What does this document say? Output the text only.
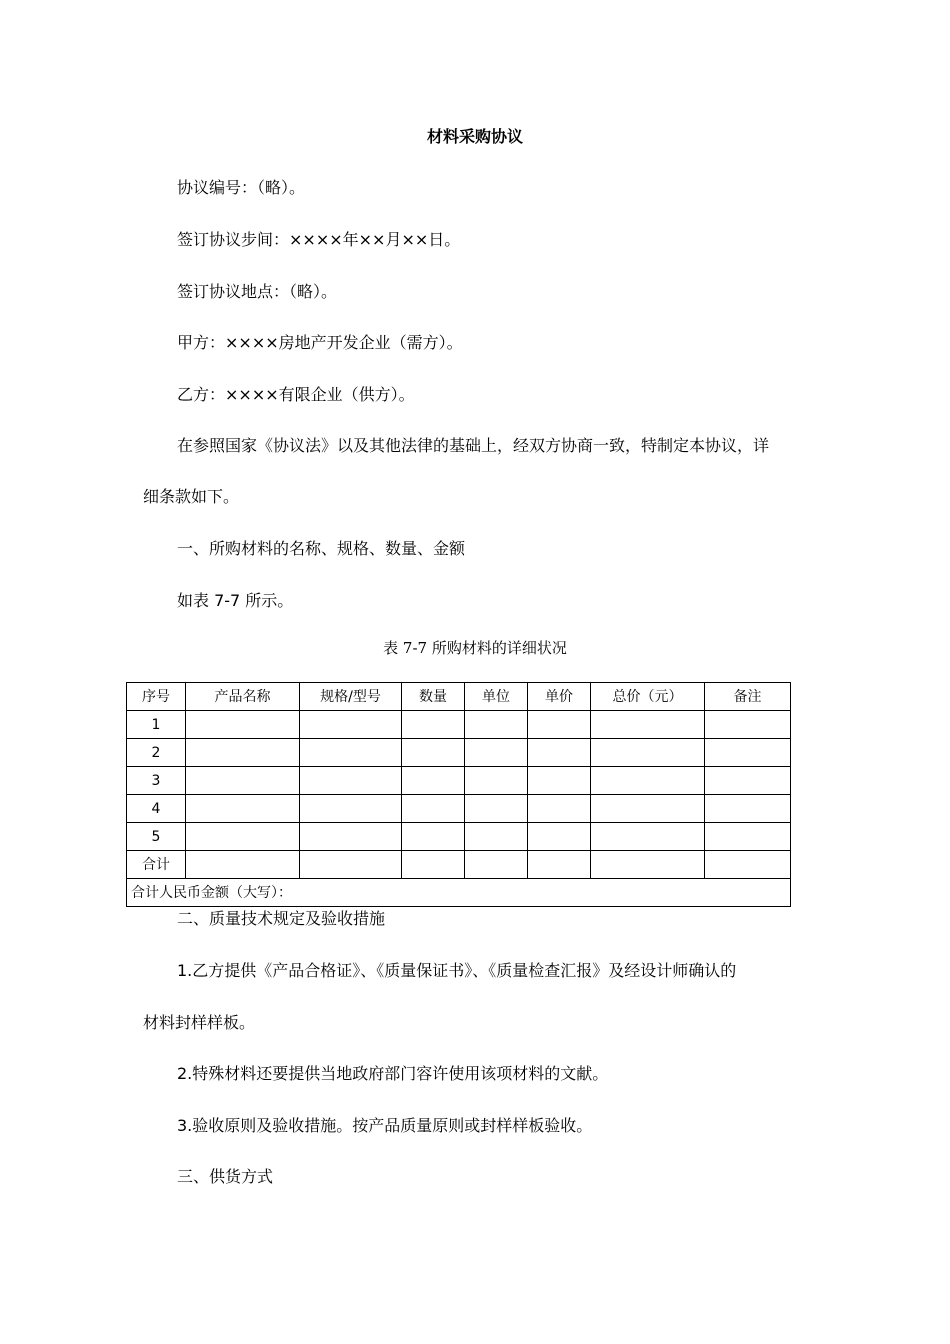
材料采购协议
协议编号：（略）。
签订协议步间：××××年××月××日。
签订协议地点：（略）。
甲方：××××房地产开发企业（需方）。
乙方：××××有限企业（供方）。
在参照国家《协议法》以及其他法律的基础上，经双方协商一致，特制定本协议，详
细条款如下。
一、所购材料的名称、规格、数量、金额
如表 7-7 所示。
表 7-7 所购材料的详细状况
序号	产品名称	规格/型号	数量	单位	单价	总价（元）	备注
1							
2							
3							
4							
5							
合计							
合计人民币金额（大写）：							
二、质量技术规定及验收措施
1.乙方提供《产品合格证》、《质量保证书》、《质量检查汇报》及经设计师确认的
材料封样样板。
2.特殊材料还要提供当地政府部门容许使用该项材料的文献。
3.验收原则及验收措施。按产品质量原则或封样样板验收。
三、供货方式
